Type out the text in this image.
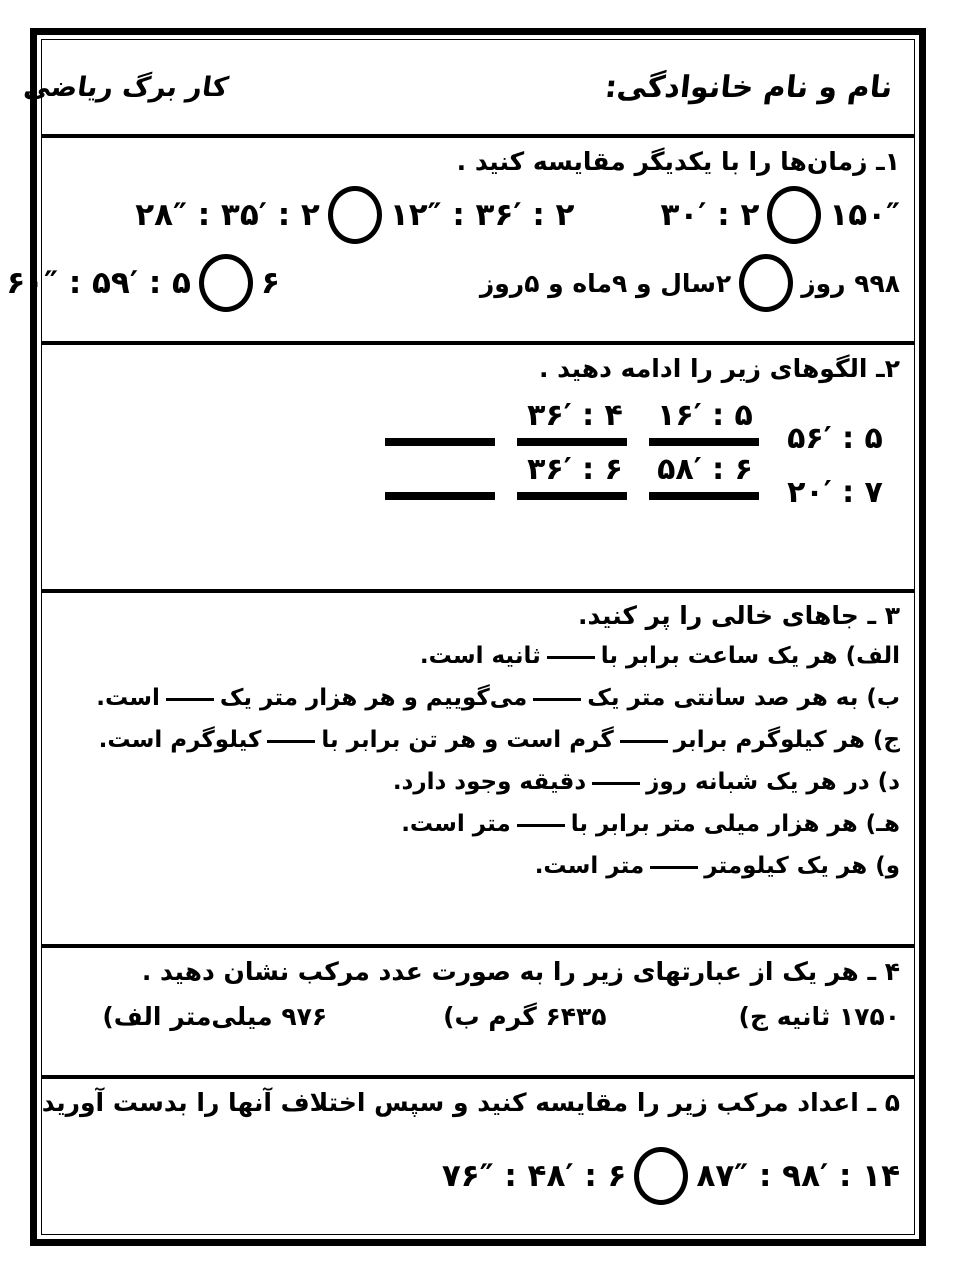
نام و نام خانوادگی:
کار برگ ریاضی
۱ـ زمان‌ها را با یکدیگر مقایسه کنید .
۱۵۰″
۲ : ۳۰′
۲ : ۳۶′ : ۱۲″
۲ : ۳۵′ : ۲۸″
۹۹۸ روز
۲سال و ۹ماه و ۵روز
۶
۵ : ۵۹′ : ۶۰″
۲ـ الگوهای زیر را ادامه دهید .
۵ : ۵۶′
۵ : ۱۶′
۴ : ۳۶′
۷ : ۲۰′
۶ : ۵۸′
۶ : ۳۶′
۳ ـ جاهای خالی را پر کنید.
الف) هر یک ساعت برابر باثانیه است.
ب) به هر صد سانتی متر یکمی‌گوییم و هر هزار متر یکاست.
ج) هر کیلوگرم برابرگرم است و هر تن برابر باکیلوگرم است.
د) در هر یک شبانه روزدقیقه وجود دارد.
هـ) هر هزار میلی متر برابر بامتر است.
و) هر یک کیلومترمتر است.
۴ ـ هر یک از عبارتهای زیر را به صورت عدد مرکب نشان دهید .
۱۷۵۰ ثانیه ج)
۶۴۳۵ گرم ب)
۹۷۶ میلی‌متر الف)
۵ ـ اعداد مرکب زیر را مقایسه کنید و سپس اختلاف آنها را بدست آورید
۱۴ : ۹۸′ : ۸۷″
۶ : ۴۸′ : ۷۶″
